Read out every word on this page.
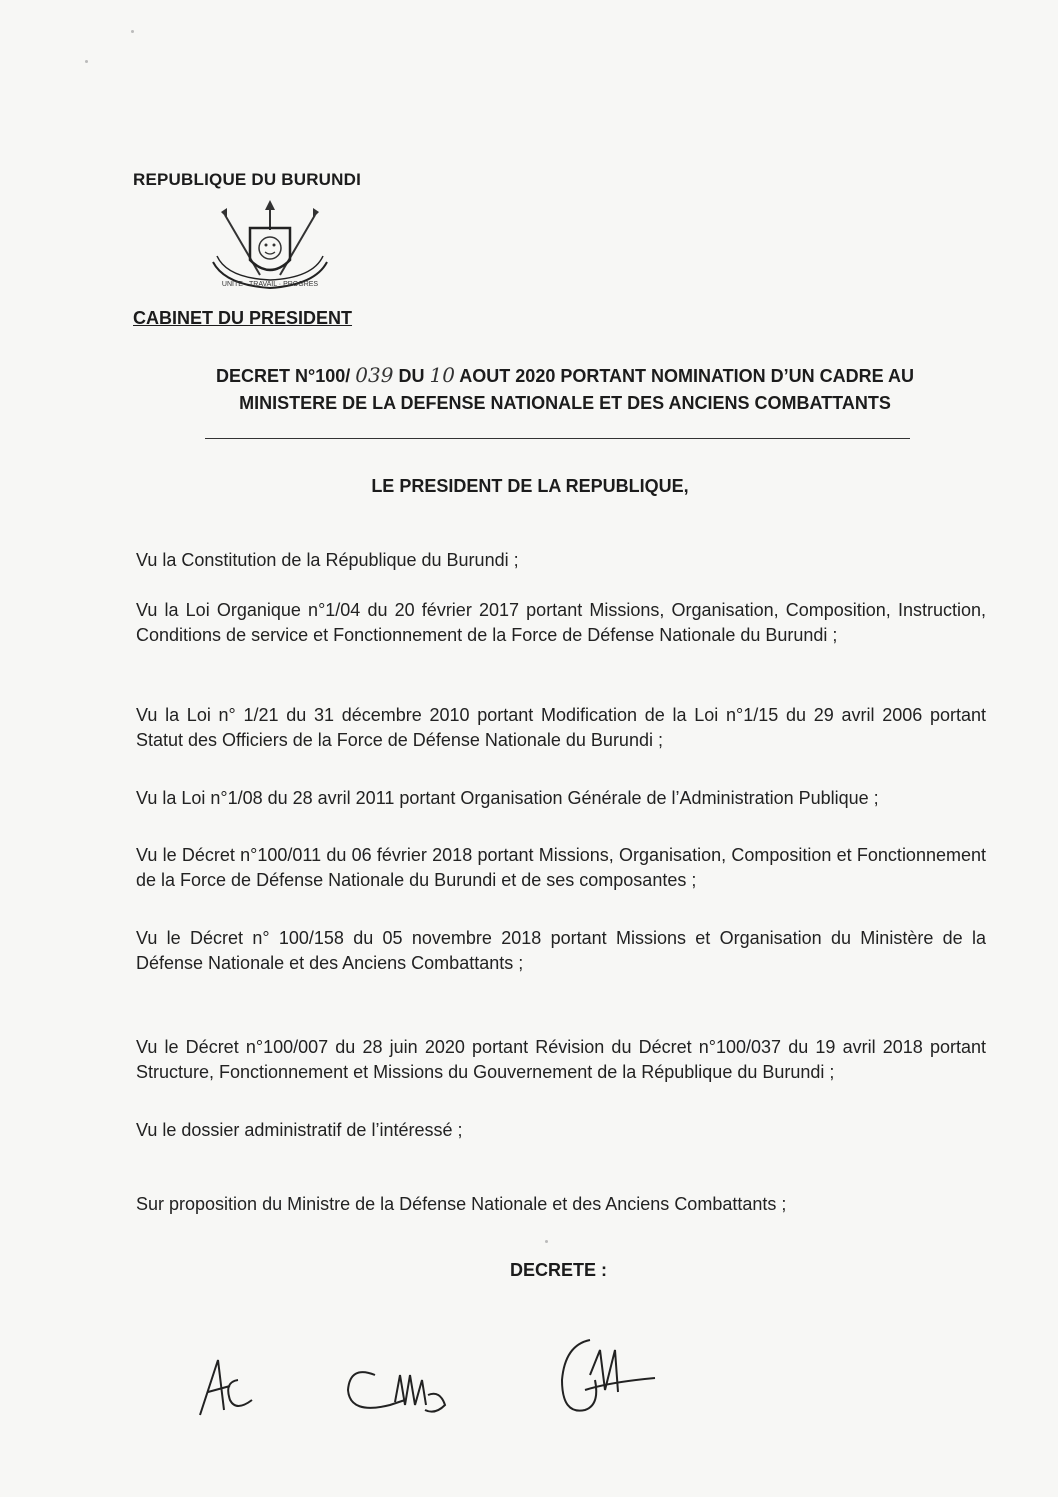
REPUBLIQUE DU BURUNDI
UNITE · TRAVAIL · PROGRES
CABINET DU PRESIDENT
DECRET N°100/ 039 DU 10 AOUT 2020 PORTANT NOMINATION D’UN CADRE AU
MINISTERE DE LA DEFENSE NATIONALE ET DES ANCIENS COMBATTANTS
LE PRESIDENT DE LA REPUBLIQUE,
Vu la Constitution de la République du Burundi ;
Vu la Loi Organique n°1/04 du 20 février 2017 portant Missions, Organisation, Composition, Instruction, Conditions de service et Fonctionnement de la Force de Défense Nationale du Burundi ;
Vu la Loi n° 1/21 du 31 décembre 2010 portant Modification de la Loi n°1/15 du 29 avril 2006 portant Statut des Officiers de la Force de Défense Nationale du Burundi ;
Vu la Loi n°1/08 du 28 avril 2011 portant Organisation Générale de l’Administration Publique ;
Vu le Décret n°100/011 du 06 février 2018 portant Missions, Organisation, Composition et Fonctionnement de la Force de Défense Nationale du Burundi et de ses composantes ;
Vu le Décret n° 100/158 du 05 novembre 2018 portant Missions et Organisation du Ministère de la Défense Nationale et des Anciens Combattants ;
Vu le Décret n°100/007 du 28 juin 2020 portant Révision du Décret n°100/037 du 19 avril 2018 portant Structure, Fonctionnement et Missions du Gouvernement de la République du Burundi ;
Vu le dossier administratif de l’intéressé ;
Sur proposition du Ministre de la Défense Nationale et des Anciens Combattants ;
DECRETE :
